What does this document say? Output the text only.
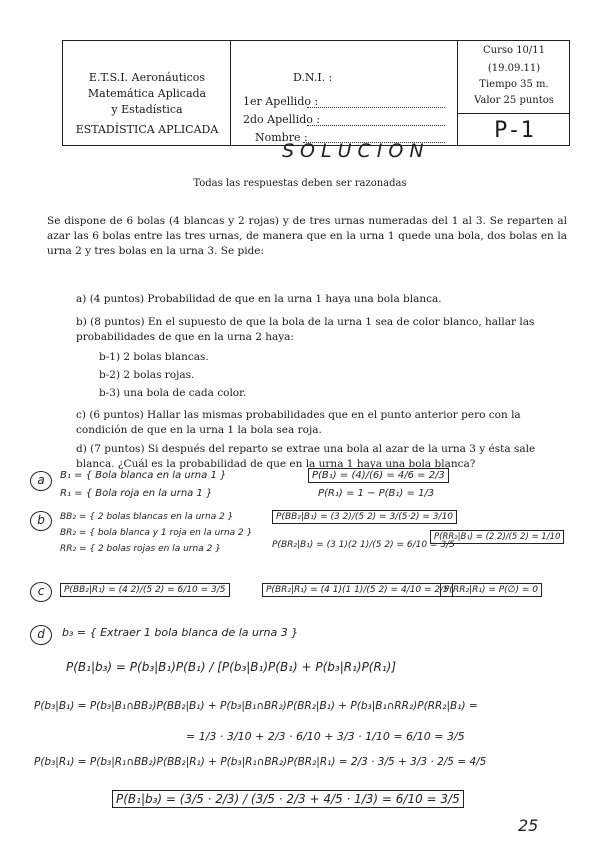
E.T.S.I. Aeronáuticos
Matemática Aplicada
y Estadística
ESTADÍSTICA APLICADA
D.N.I. :
1er Apellido :
2do Apellido :
Nombre :
Curso 10/11
(19.09.11)
Tiempo 35 m.
Valor 25 puntos
P-1
SOLUCION
Todas las respuestas deben ser razonadas
Se dispone de 6 bolas (4 blancas y 2 rojas) y de tres urnas numeradas del 1 al 3. Se reparten al azar las 6 bolas entre las tres urnas, de manera que en la urna 1 quede una bola, dos bolas en la urna 2 y tres bolas en la urna 3. Se pide:
a) (4 puntos) Probabilidad de que en la urna 1 haya una bola blanca.
b) (8 puntos) En el supuesto de que la bola de la urna 1 sea de color blanco, hallar las probabilidades de que en la urna 2 haya:
b-1) 2 bolas blancas.
b-2) 2 bolas rojas.
b-3) una bola de cada color.
c) (6 puntos) Hallar las mismas probabilidades que en el punto anterior pero con la condición de que en la urna 1 la bola sea roja.
d) (7 puntos) Si después del reparto se extrae una bola al azar de la urna 3 y ésta sale blanca. ¿Cuál es la probabilidad de que en la urna 1 haya una bola blanca?
a	B₁ = { Bola blanca en la urna 1 }
R₁ = { Bola roja en la urna 1 }
P(B₁) = (4)/(6) = 4/6 = 2/3
P(R₁) = 1 − P(B₁) = 1/3
b	BB₂ = { 2 bolas blancas en la urna 2 }
BR₂ = { bola blanca y 1 roja en la urna 2 }
RR₂ = { 2 bolas rojas en la urna 2 }
P(BB₂|B₁) = (3 2)/(5 2) = 3/(5·2) = 3/10
P(BR₂|B₁) = (3 1)(2 1)/(5 2) = 6/10 = 3/5
P(RR₂|B₁) = (2 2)/(5 2) = 1/10
c	P(BB₂|R₁) = (4 2)/(5 2) = 6/10 = 3/5	P(BR₂|R₁) = (4 1)(1 1)/(5 2) = 4/10 = 2/5
P(RR₂|R₁) = P(∅) = 0
d	b₃ = { Extraer 1 bola blanca de la urna 3 }
P(B₁|b₃) = P(b₃|B₁)P(B₁) / [P(b₃|B₁)P(B₁) + P(b₃|R₁)P(R₁)]
P(b₃|B₁) = P(b₃|B₁∩BB₂)P(BB₂|B₁) + P(b₃|B₁∩BR₂)P(BR₂|B₁) + P(b₃|B₁∩RR₂)P(RR₂|B₁) =
= 1/3 · 3/10 + 2/3 · 6/10 + 3/3 · 1/10 = 6/10 = 3/5
P(b₃|R₁) = P(b₃|R₁∩BB₂)P(BB₂|R₁) + P(b₃|R₁∩BR₂)P(BR₂|R₁) = 2/3 · 3/5 + 3/3 · 2/5 = 4/5
P(B₁|b₃) = (3/5 · 2/3) / (3/5 · 2/3 + 4/5 · 1/3) = 6/10 = 3/5
25
